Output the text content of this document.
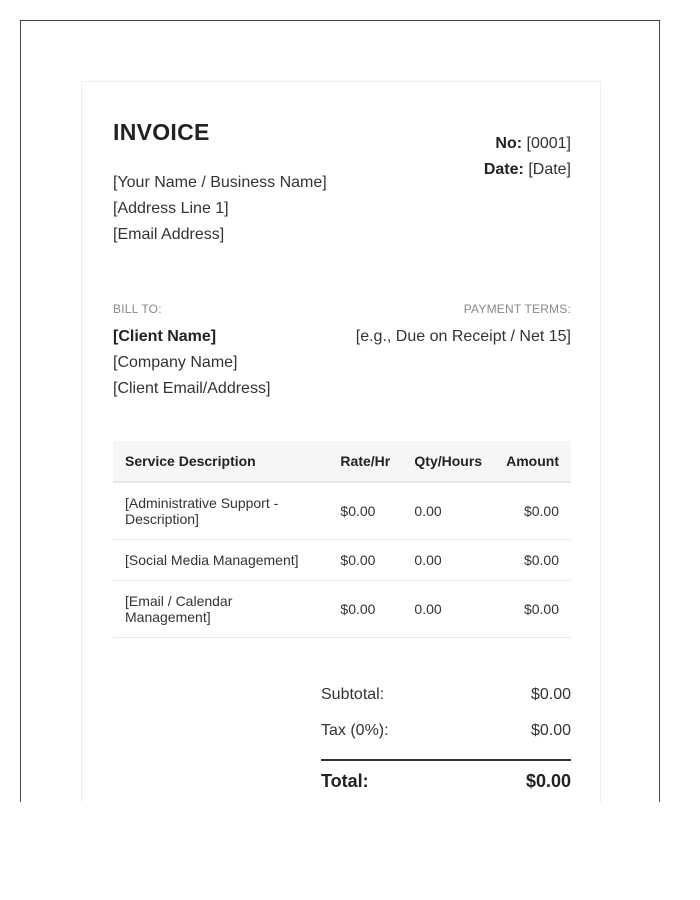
INVOICE
[Your Name / Business Name]
[Address Line 1]
[Email Address]
No: [0001]
Date: [Date]
BILL TO:	PAYMENT TERMS:
[Client Name]
[Company Name]
[Client Email/Address]
[e.g., Due on Receipt / Net 15]
Service Description	Rate/Hr	Qty/Hours	Amount
[Administrative Support - Description]	$0.00	0.00	$0.00
[Social Media Management]	$0.00	0.00	$0.00
[Email / Calendar Management]	$0.00	0.00	$0.00
Subtotal:	$0.00
Tax (0%):	$0.00
Total:	$0.00
